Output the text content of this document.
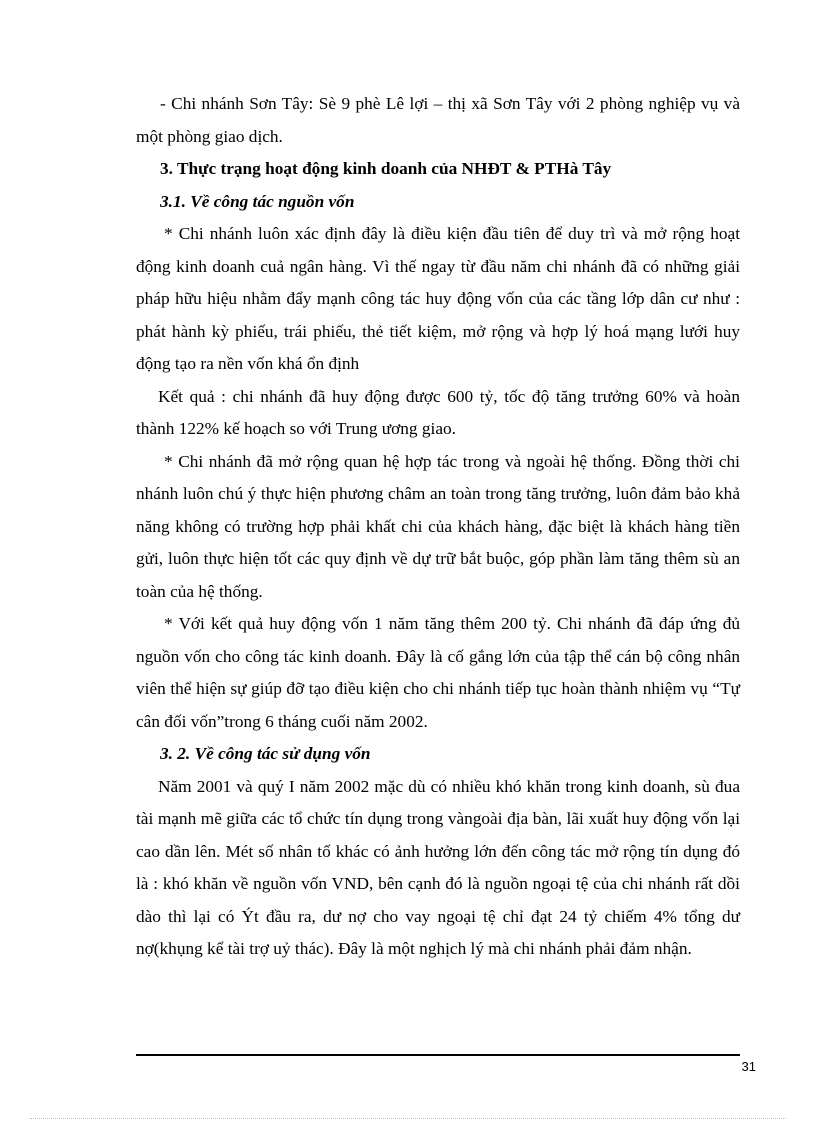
- Chi nhánh Sơn Tây: Sè 9 phè Lê lợi – thị xã Sơn Tây với 2 phòng nghiệp vụ và một phòng giao dịch.

3. Thực trạng hoạt động kinh doanh của NHĐT & PTHà Tây

3.1. Về công tác nguồn vốn

* Chi nhánh luôn xác định đây là điều kiện đầu tiên để duy trì và mở rộng hoạt động kinh doanh cuả ngân hàng. Vì thế ngay từ đầu năm chi nhánh đã có những giải pháp hữu hiệu nhằm đẩy mạnh công tác huy động vốn của các tầng lớp dân cư như : phát hành kỳ phiếu, trái phiếu, thẻ tiết kiệm, mở rộng và hợp lý hoá mạng lưới huy động tạo ra nền vốn khá ổn định

Kết quả : chi nhánh đã huy động được 600 tỷ, tốc độ tăng trưởng 60% và hoàn thành 122% kế hoạch so với Trung ương giao.

* Chi nhánh đã mở rộng quan hệ hợp tác trong và ngoài hệ thống. Đồng thời chi nhánh luôn chú ý thực hiện phương châm an toàn trong tăng trưởng, luôn đảm bảo khả năng không có trường hợp phải khất chi của khách hàng, đặc biệt là khách hàng tiền gửi, luôn thực hiện tốt các quy định về dự trữ bắt buộc, góp phần làm tăng thêm sù an toàn của hệ thống.

* Với kết quả huy động vốn 1 năm tăng thêm 200 tỷ. Chi nhánh đã đáp ứng đủ nguồn vốn cho công tác kinh doanh. Đây là cố gắng lớn của tập thể cán bộ công nhân viên thể hiện sự giúp đỡ tạo điều kiện cho chi nhánh tiếp tục hoàn thành nhiệm vụ “Tự cân đối vốn”trong 6 tháng cuối năm 2002.

3. 2. Về công tác sử dụng vốn

Năm 2001 và quý I năm 2002 mặc dù có nhiều khó khăn trong kinh doanh, sù đua tài mạnh mẽ giữa các tổ chức tín dụng trong vàngoài địa bàn, lãi xuất huy động vốn lại cao dần lên. Mét số nhân tố khác có ảnh hưởng lớn đến công tác mở rộng tín dụng đó là : khó khăn về nguồn vốn VND, bên cạnh đó là nguồn ngoại tệ của chi nhánh rất dồi dào thì lại có Ýt đầu ra, dư nợ cho vay ngoại tệ chỉ đạt 24 tỷ chiếm 4% tổng dư nợ(khụng kể tài trợ uỷ thác). Đây là một nghịch lý mà chi nhánh phải đảm nhận.

31
